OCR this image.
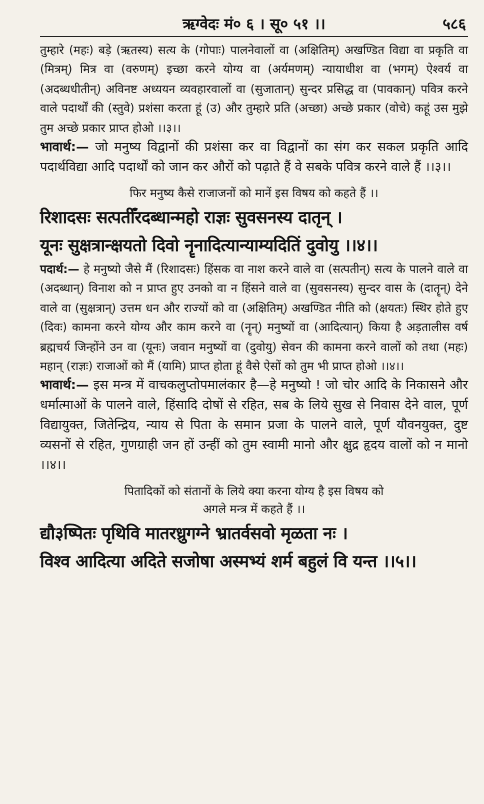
ऋग्वेदः मं० ६ । सू० ५१ ।।	५८६

तुम्हारे (महः) बड़े (ऋतस्य) सत्य के (गोपाः) पालनेवालों वा (अक्षितिम्) अखण्डित विद्या वा प्रकृति वा (मित्रम्) मित्र वा (वरुणम्) इच्छा करने योग्य वा (अर्यमणम्) न्यायाधीश वा (भगम्) ऐश्वर्य वा (अदब्धधीतीन्) अविनष्ट अध्ययन व्यवहारवालों वा (सुजातान्) सुन्दर प्रसिद्ध वा (पावकान्) पवित्र करने वाले पदार्थों की (स्तुवे) प्रशंसा करता हूं (उ) और तुम्हारे प्रति (अच्छा) अच्छे प्रकार (वोचे) कहूं उस मुझे तुम अच्छे प्रकार प्राप्त होओ ।।३।।

भावार्थ:— जो मनुष्य विद्वानों की प्रशंसा कर वा विद्वानों का संग कर सकल प्रकृति आदि पदार्थविद्या आदि पदार्थों को जान कर औरों को पढ़ाते हैं वे सबके पवित्र करने वाले हैं ।।३।।

फिर मनुष्य कैसे राजाजनों को मानें इस विषय को कहते हैं ।।
रिशादसः सत्पतीँरदब्धान्महो राज्ञः सुवसनस्य दातृन् ।
यूनः सुक्षत्रान्क्षयतो दिवो नॄनादित्यान्याम्यदितिं दुवोयु ।।४।।

पदार्थ:— हे मनुष्यो जैसे मैं (रिशादसः) हिंसक वा नाश करने वाले वा (सत्पतीन्) सत्य के पालने वाले वा (अदब्धान्) विनाश को न प्राप्त हुए उनको वा न हिंसने वाले वा (सुवसनस्य) सुन्दर वास के (दातॄन्) देने वाले वा (सुक्षत्रान्) उत्तम धन और राज्यों को वा (अक्षितिम्) अखण्डित नीति को (क्षयतः) स्थिर होते हुए (दिवः) कामना करने योग्य और काम करने वा (नॄन्) मनुष्यों वा (आदित्यान्) किया है अड़तालीस वर्ष ब्रह्मचर्य जिन्होंने उन वा (यूनः) जवान मनुष्यों वा (दुवोयु) सेवन की कामना करने वालों को तथा (महः) महान् (राज्ञः) राजाओं को मैं (यामि) प्राप्त होता हूं वैसे ऐसों को तुम भी प्राप्त होओ ।।४।।

भावार्थ:— इस मन्त्र में वाचकलुप्तोपमालंकार है—हे मनुष्यो ! जो चोर आदि के निकासने और धर्मात्माओं के पालने वाले, हिंसादि दोषों से रहित, सब के लिये सुख से निवास देने वाल, पूर्ण विद्यायुक्त, जितेन्द्रिय, न्याय से पिता के समान प्रजा के पालने वाले, पूर्ण यौवनयुक्त, दुष्ट व्यसनों से रहित, गुणग्राही जन हों उन्हीं को तुम स्वामी मानो और क्षुद्र हृदय वालों को न मानो ।।४।।

पितादिकों को संतानों के लिये क्या करना योग्य है इस विषय को
अगले मन्त्र में कहते हैं ।।
द्यौ३ष्पितः पृथिवि मातरध्रुगग्ने भ्रातर्वसवो मृळता नः ।
विश्व आदित्या अदिते सजोषा अस्मभ्यं शर्म बहुलं वि यन्त ।।५।।
